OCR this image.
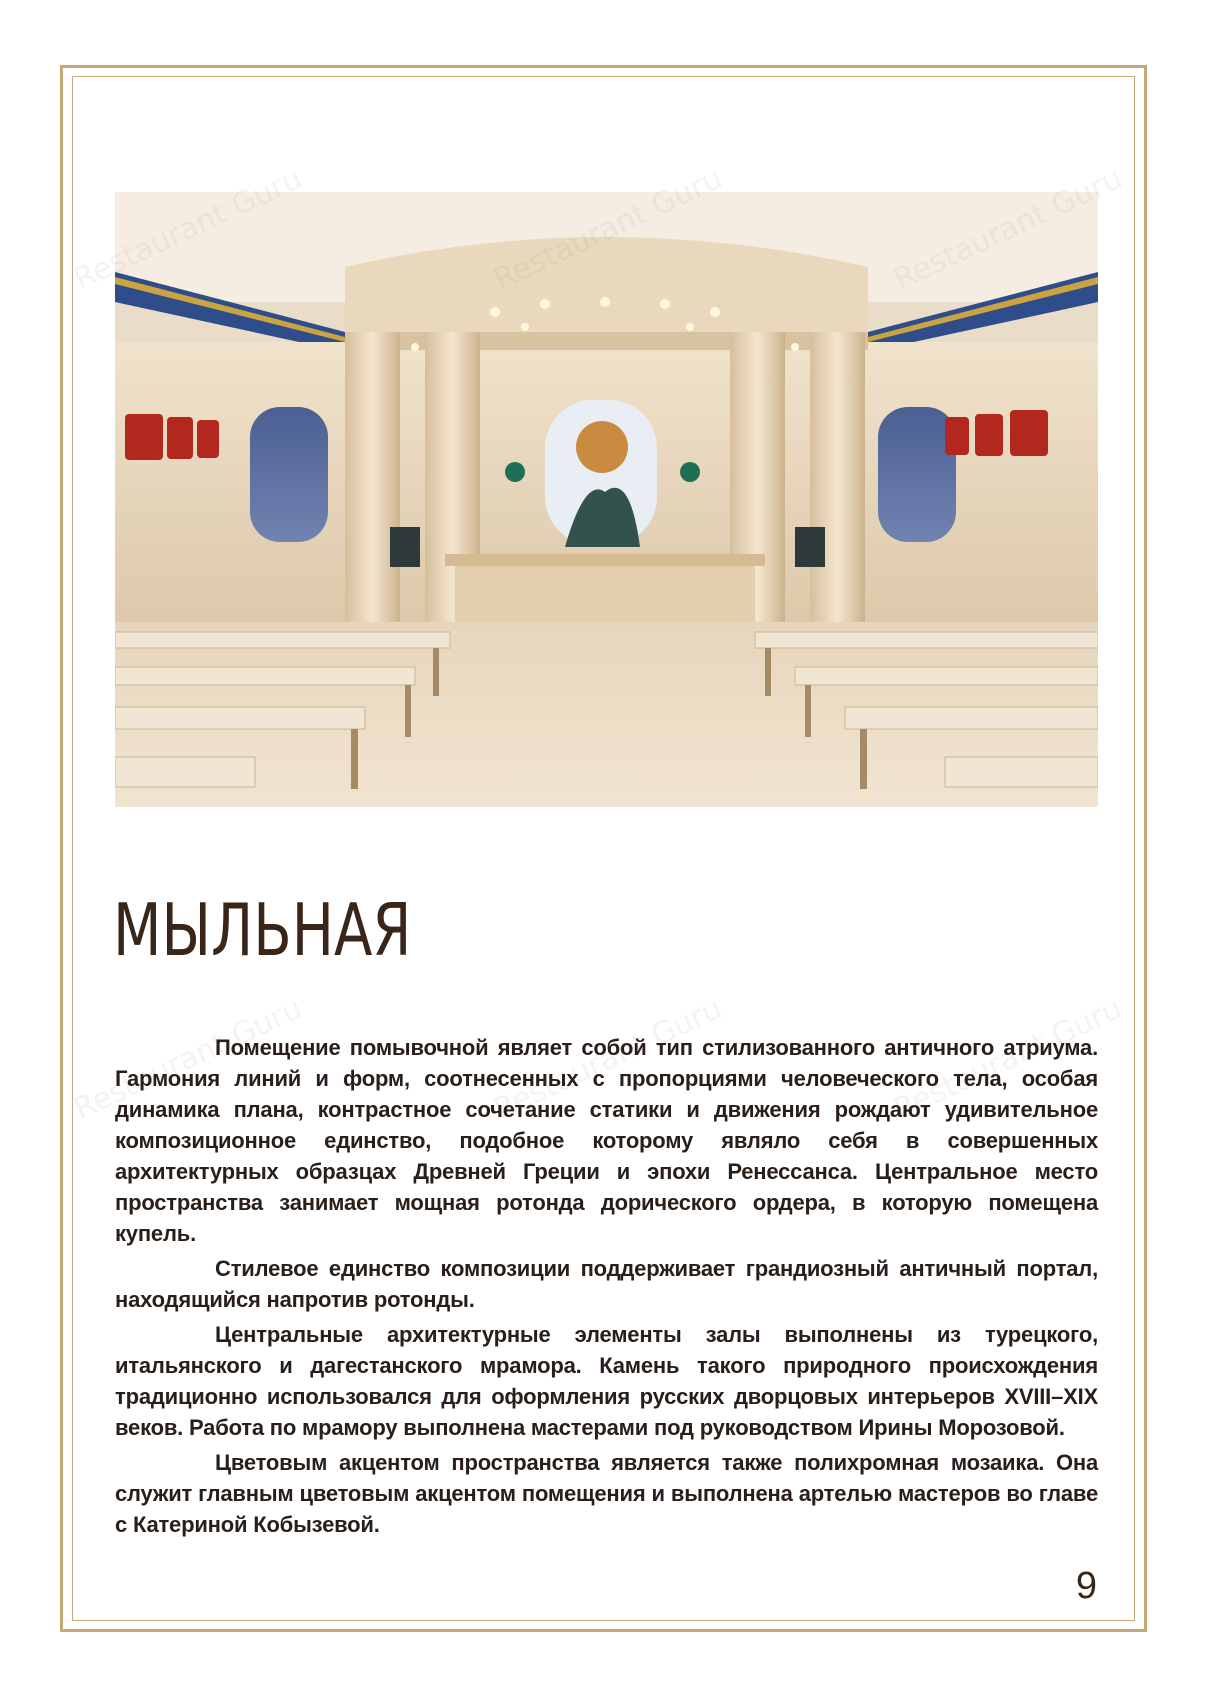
МЫЛЬНАЯ

Помещение помывочной являет собой тип стилизованного античного атриума. Гармония линий и форм, соотнесенных с пропорциями человеческого тела, особая динамика плана, контрастное сочетание статики и движения рождают удивительное композиционное единство, подобное которому являло себя в совершенных архитектурных образцах Древней Греции и эпохи Ренессанса. Центральное место пространства занимает мощная ротонда дорического ордера, в которую помещена купель.

Стилевое единство композиции поддерживает грандиозный античный портал, находящийся напротив ротонды.

Центральные архитектурные элементы залы выполнены из турецкого, итальянского и дагестанского мрамора. Камень такого природного происхождения традиционно использовался для оформления русских дворцовых интерьеров XVIII–XIX веков. Работа по мрамору выполнена мастерами под руководством Ирины Морозовой.

Цветовым акцентом пространства является также полихромная мозаика. Она служит главным цветовым акцентом помещения и выполнена артелью мастеров во главе с Катериной Кобызевой.

9
Restaurant Guru	Restaurant Guru	Restaurant Guru
